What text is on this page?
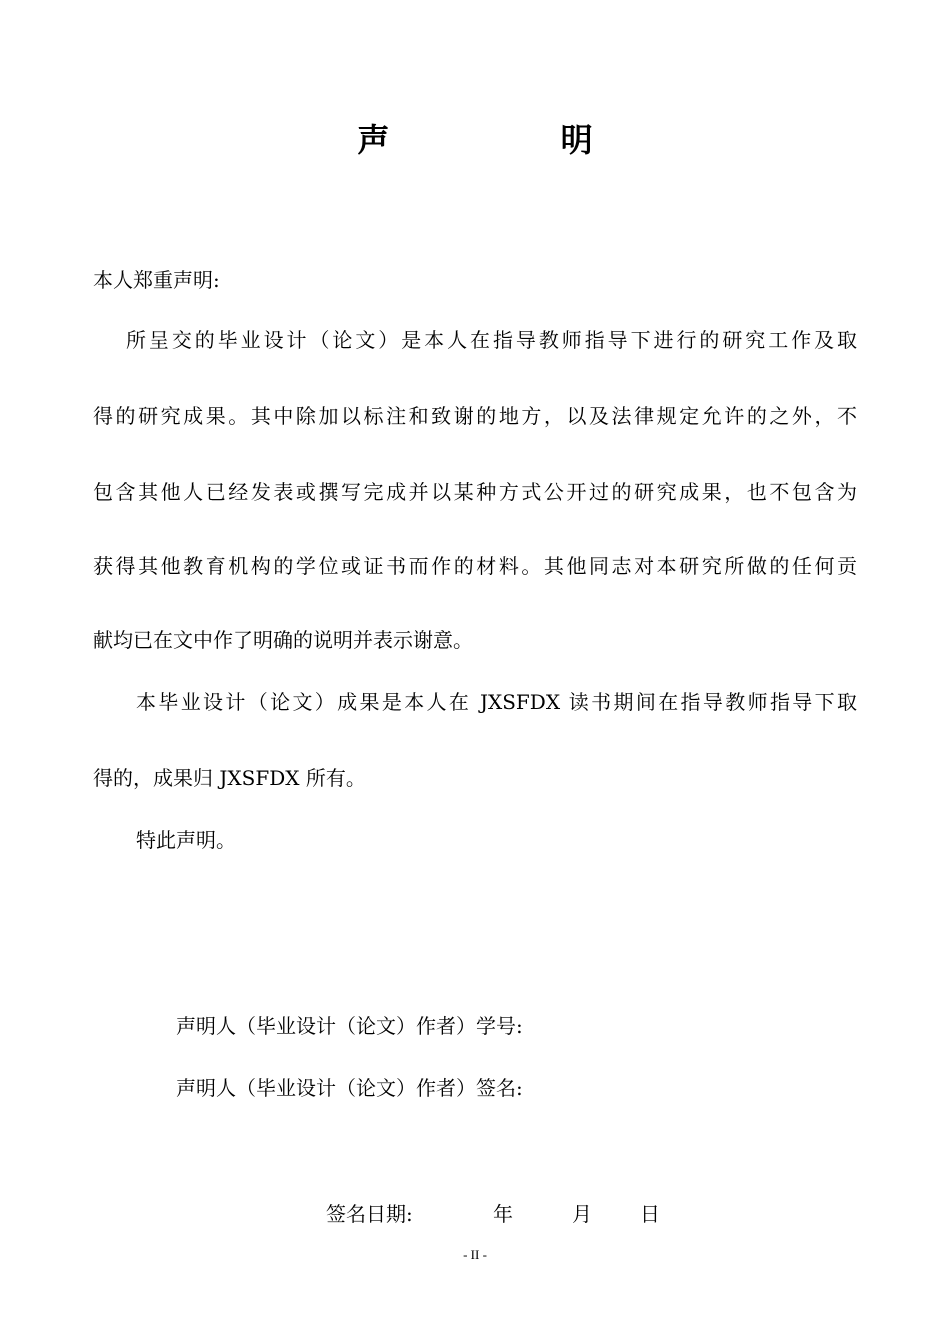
声 明
本人郑重声明:
所呈交的毕业设计（论文）是本人在指导教师指导下进行的研究工作及取
得的研究成果。其中除加以标注和致谢的地方，以及法律规定允许的之外，不
包含其他人已经发表或撰写完成并以某种方式公开过的研究成果，也不包含为
获得其他教育机构的学位或证书而作的材料。其他同志对本研究所做的任何贡
献均已在文中作了明确的说明并表示谢意。
本毕业设计（论文）成果是本人在 JXSFDX 读书期间在指导教师指导下取
得的，成果归 JXSFDX 所有。
特此声明。
声明人（毕业设计（论文）作者）学号:
声明人（毕业设计（论文）作者）签名:
签名日期:	年	月 日
- II -
